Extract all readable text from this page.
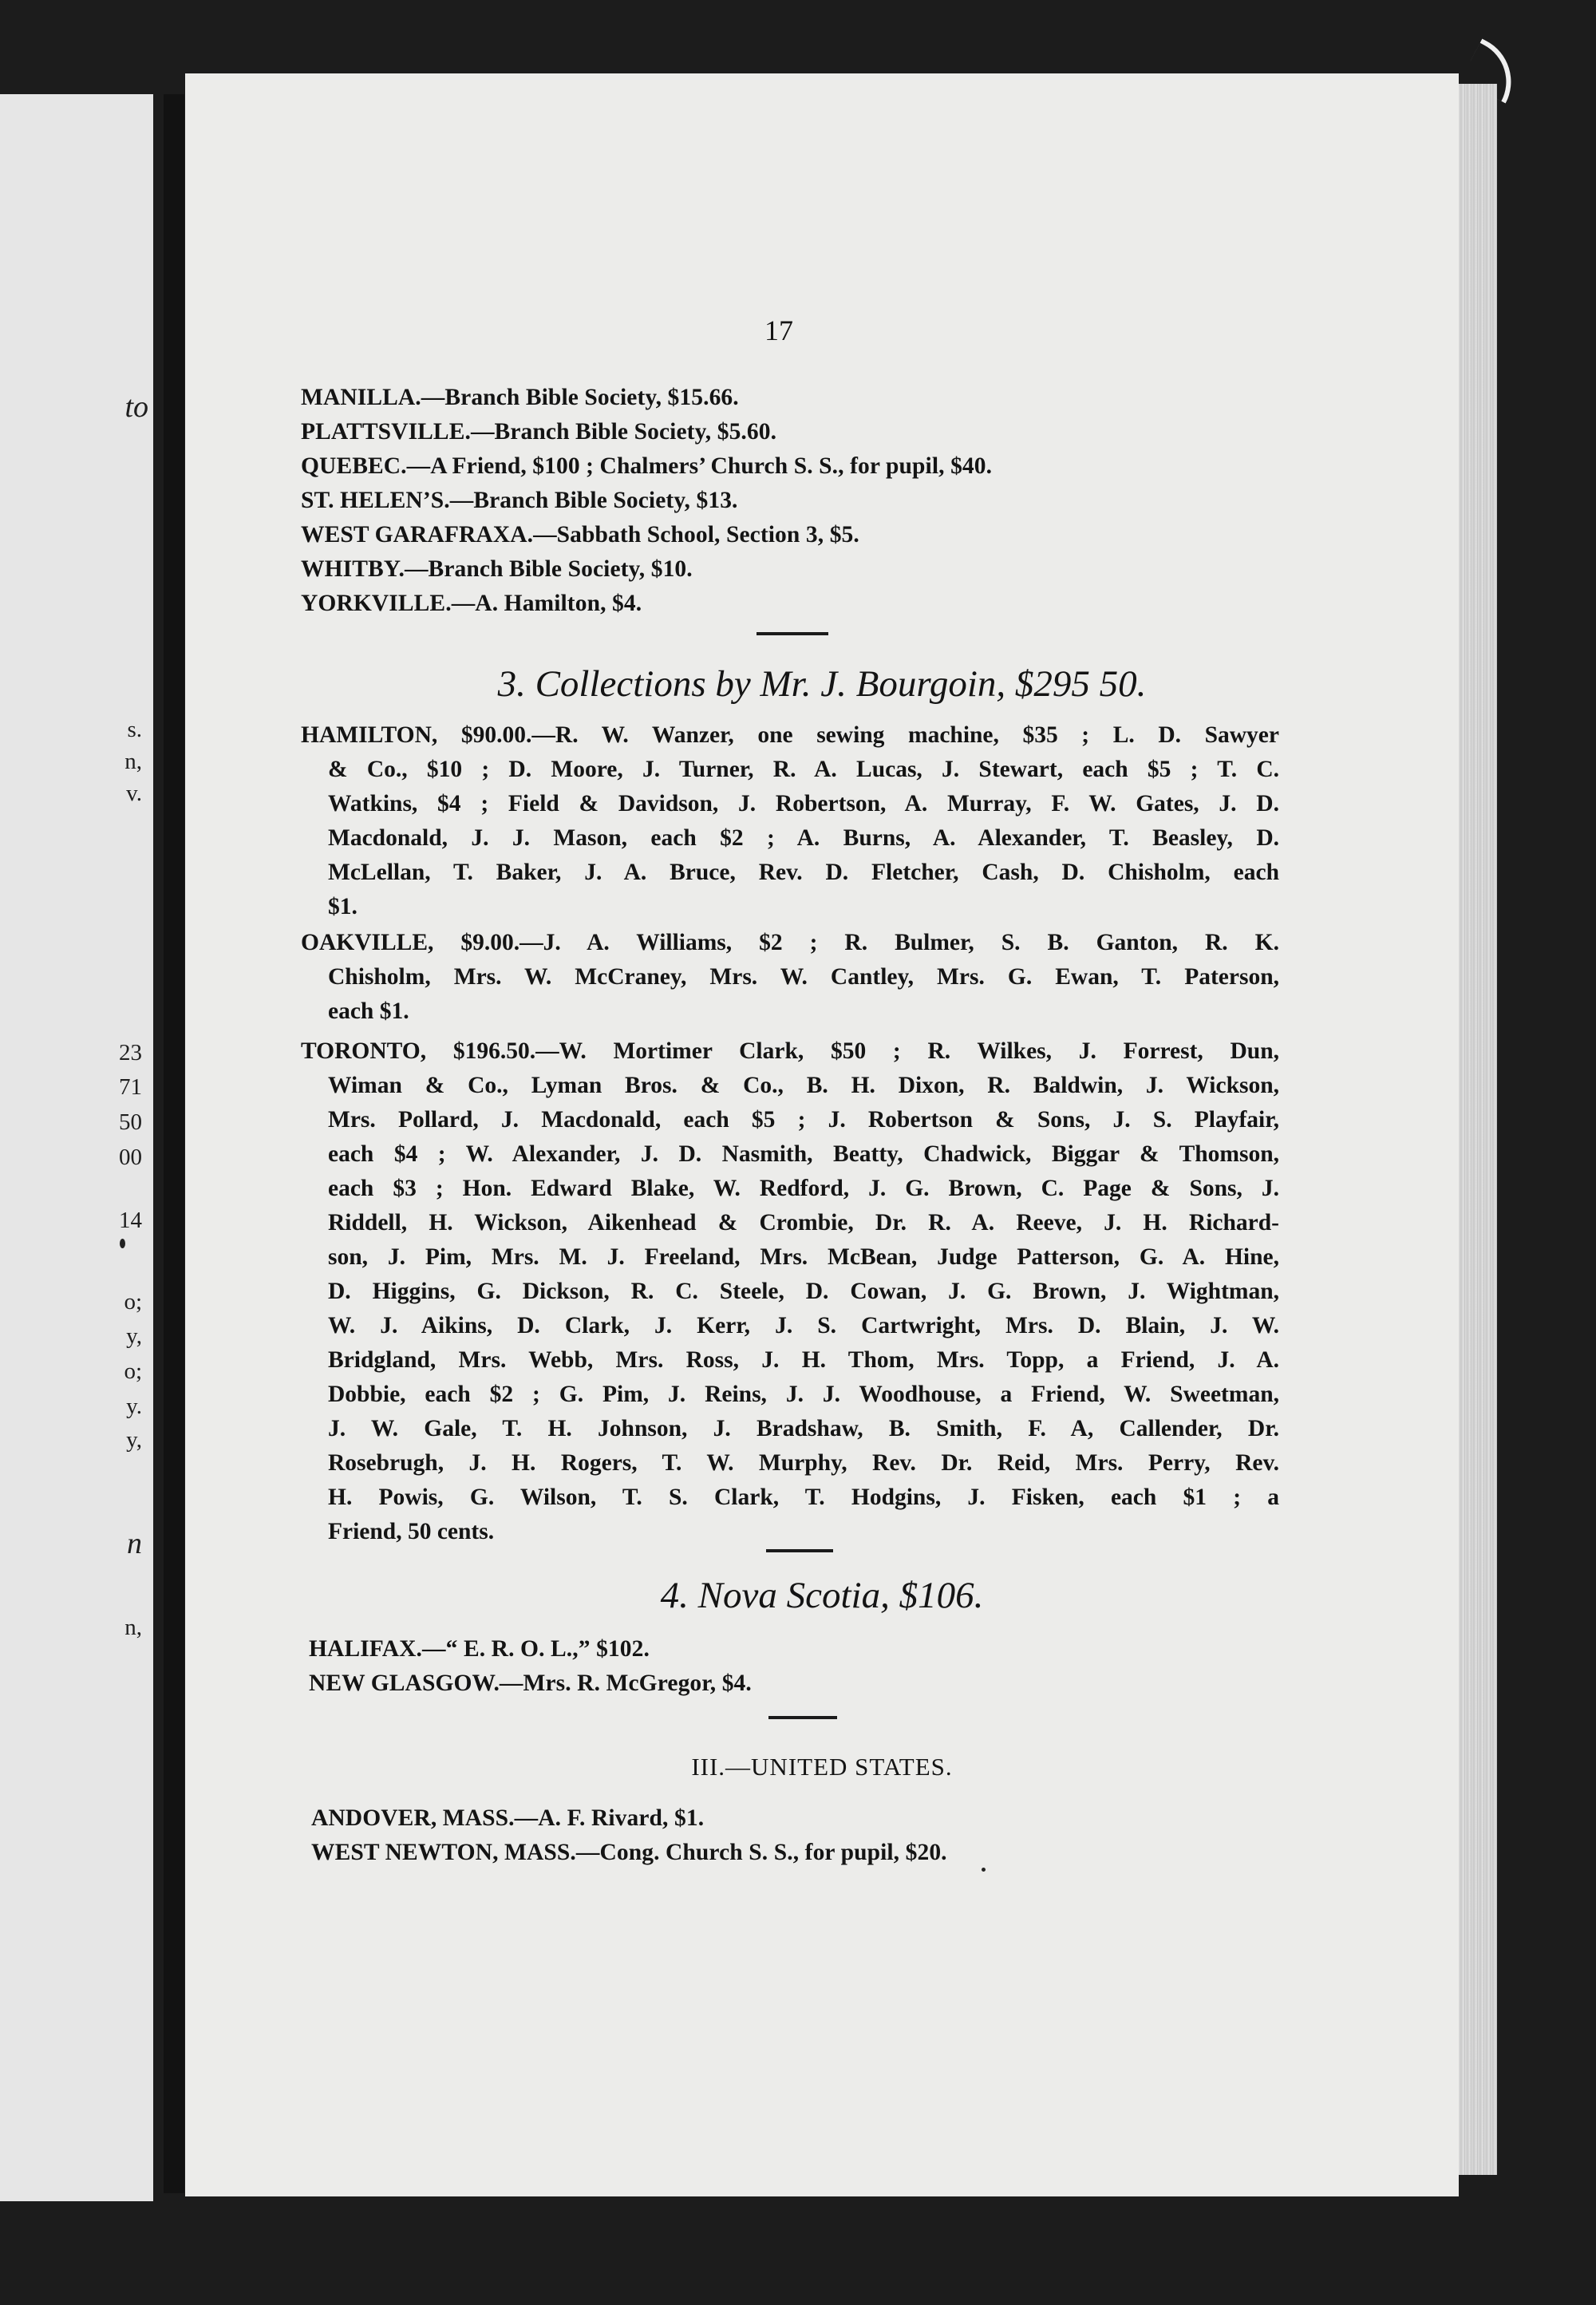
to
s.
n,
v.
23
71
50
00
14
o;
y,
o;
y.
y,
n
n,
17
MANILLA.—Branch Bible Society, $15.66.
PLATTSVILLE.—Branch Bible Society, $5.60.
QUEBEC.—A Friend, $100 ; Chalmers’ Church S. S., for pupil, $40.
ST. HELEN’S.—Branch Bible Society, $13.
WEST GARAFRAXA.—Sabbath School, Section 3, $5.
WHITBY.—Branch Bible Society, $10.
YORKVILLE.—A. Hamilton, $4.
3. Collections by Mr. J. Bourgoin, $295 50.
HAMILTON, $90.00.—R. W. Wanzer, one sewing machine, $35 ; L. D. Sawyer
& Co., $10 ; D. Moore, J. Turner, R. A. Lucas, J. Stewart, each $5 ; T. C.
Watkins, $4 ; Field & Davidson, J. Robertson, A. Murray, F. W. Gates, J. D.
Macdonald, J. J. Mason, each $2 ; A. Burns, A. Alexander, T. Beasley, D.
McLellan, T. Baker, J. A. Bruce, Rev. D. Fletcher, Cash, D. Chisholm, each
$1.
OAKVILLE, $9.00.—J. A. Williams, $2 ; R. Bulmer, S. B. Ganton, R. K.
Chisholm, Mrs. W. McCraney, Mrs. W. Cantley, Mrs. G. Ewan, T. Paterson,
each $1.
TORONTO, $196.50.—W. Mortimer Clark, $50 ; R. Wilkes, J. Forrest, Dun,
Wiman & Co., Lyman Bros. & Co., B. H. Dixon, R. Baldwin, J. Wickson,
Mrs. Pollard, J. Macdonald, each $5 ; J. Robertson & Sons, J. S. Playfair,
each $4 ; W. Alexander, J. D. Nasmith, Beatty, Chadwick, Biggar & Thomson,
each $3 ; Hon. Edward Blake, W. Redford, J. G. Brown, C. Page & Sons, J.
Riddell, H. Wickson, Aikenhead & Crombie, Dr. R. A. Reeve, J. H. Richard-
son, J. Pim, Mrs. M. J. Freeland, Mrs. McBean, Judge Patterson, G. A. Hine,
D. Higgins, G. Dickson, R. C. Steele, D. Cowan, J. G. Brown, J. Wightman,
W. J. Aikins, D. Clark, J. Kerr, J. S. Cartwright, Mrs. D. Blain, J. W.
Bridgland, Mrs. Webb, Mrs. Ross, J. H. Thom, Mrs. Topp, a Friend, J. A.
Dobbie, each $2 ; G. Pim, J. Reins, J. J. Woodhouse, a Friend, W. Sweetman,
J. W. Gale, T. H. Johnson, J. Bradshaw, B. Smith, F. A, Callender, Dr.
Rosebrugh, J. H. Rogers, T. W. Murphy, Rev. Dr. Reid, Mrs. Perry, Rev.
H. Powis, G. Wilson, T. S. Clark, T. Hodgins, J. Fisken, each $1 ; a
Friend, 50 cents.
4. Nova Scotia, $106.
HALIFAX.—“ E. R. O. L.,” $102.
NEW GLASGOW.—Mrs. R. McGregor, $4.
III.—UNITED STATES.
ANDOVER, MASS.—A. F. Rivard, $1.
WEST NEWTON, MASS.—Cong. Church S. S., for pupil, $20.
